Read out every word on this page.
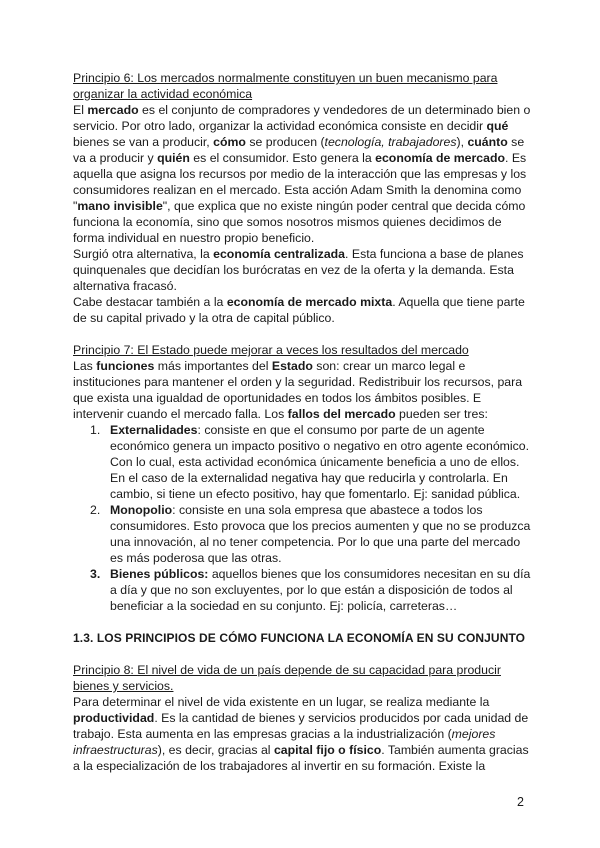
Principio 6: Los mercados normalmente constituyen un buen mecanismo para organizar la actividad económica

El mercado es el conjunto de compradores y vendedores de un determinado bien o servicio. Por otro lado, organizar la actividad económica consiste en decidir qué bienes se van a producir, cómo se producen (tecnología, trabajadores), cuánto se va a producir y quién es el consumidor. Esto genera la economía de mercado. Es aquella que asigna los recursos por medio de la interacción que las empresas y los consumidores realizan en el mercado. Esta acción Adam Smith la denomina como "mano invisible", que explica que no existe ningún poder central que decida cómo funciona la economía, sino que somos nosotros mismos quienes decidimos de forma individual en nuestro propio beneficio.

Surgió otra alternativa, la economía centralizada. Esta funciona a base de planes quinquenales que decidían los burócratas en vez de la oferta y la demanda. Esta alternativa fracasó.

Cabe destacar también a la economía de mercado mixta. Aquella que tiene parte de su capital privado y la otra de capital público.

Principio 7: El Estado puede mejorar a veces los resultados del mercado

Las funciones más importantes del Estado son: crear un marco legal e instituciones para mantener el orden y la seguridad. Redistribuir los recursos, para que exista una igualdad de oportunidades en todos los ámbitos posibles. E intervenir cuando el mercado falla. Los fallos del mercado pueden ser tres:

1. Externalidades: consiste en que el consumo por parte de un agente económico genera un impacto positivo o negativo en otro agente económico. Con lo cual, esta actividad económica únicamente beneficia a uno de ellos. En el caso de la externalidad negativa hay que reducirla y controlarla. En cambio, si tiene un efecto positivo, hay que fomentarlo. Ej: sanidad pública.
2. Monopolio: consiste en una sola empresa que abastece a todos los consumidores. Esto provoca que los precios aumenten y que no se produzca una innovación, al no tener competencia. Por lo que una parte del mercado es más poderosa que las otras.
3. Bienes públicos: aquellos bienes que los consumidores necesitan en su día a día y que no son excluyentes, por lo que están a disposición de todos al beneficiar a la sociedad en su conjunto. Ej: policía, carreteras…

1.3. LOS PRINCIPIOS DE CÓMO FUNCIONA LA ECONOMÍA EN SU CONJUNTO

Principio 8: El nivel de vida de un país depende de su capacidad para producir bienes y servicios.

Para determinar el nivel de vida existente en un lugar, se realiza mediante la productividad. Es la cantidad de bienes y servicios producidos por cada unidad de trabajo. Esta aumenta en las empresas gracias a la industrialización (mejores infraestructuras), es decir, gracias al capital fijo o físico. También aumenta gracias a la especialización de los trabajadores al invertir en su formación. Existe la

2
